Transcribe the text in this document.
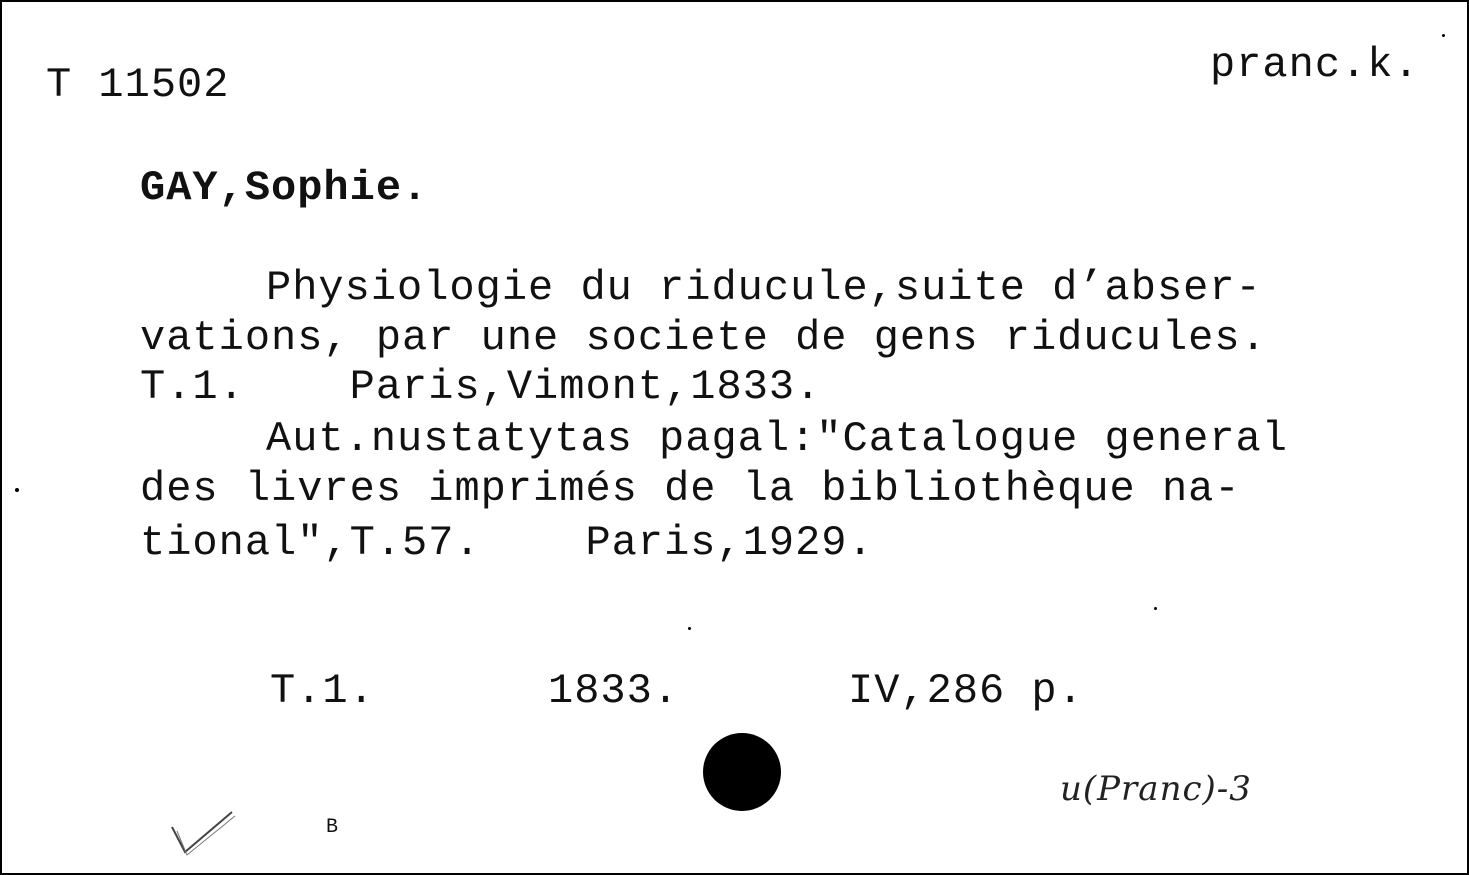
T 11502	pranc.k.
GAY,Sophie.
Physiologie du riducule,suite d’abser-
vations, par une societe de gens riducules.
T.1.    Paris,Vimont,1833.
Aut.nustatytas pagal:"Catalogue general
des livres imprimés de la bibliothèque na-
tional",T.57.    Paris,1929.
T.1.	1833.	IV,286 p.
u(Pranc)-3
B
